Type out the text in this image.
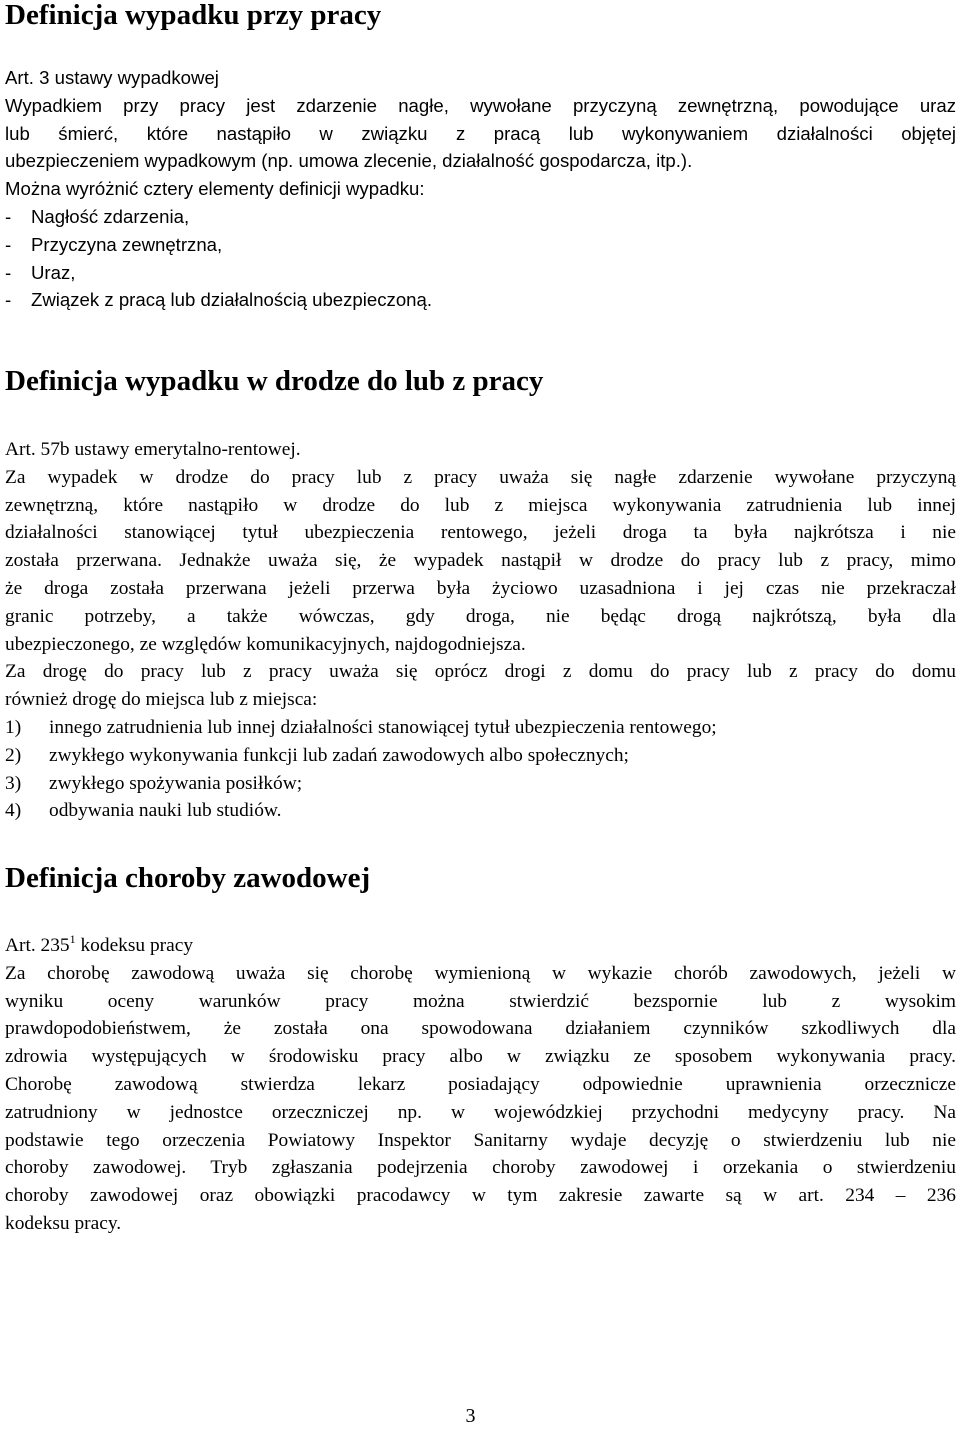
Definicja wypadku przy pracy
Art. 3 ustawy wypadkowej
Wypadkiem przy pracy jest zdarzenie nagłe, wywołane przyczyną zewnętrzną, powodujące uraz
lub śmierć, które nastąpiło w związku z pracą lub wykonywaniem działalności objętej
ubezpieczeniem wypadkowym (np. umowa zlecenie, działalność gospodarcza, itp.).
Można wyróżnić cztery elementy definicji wypadku:
- Nagłość zdarzenia,
- Przyczyna zewnętrzna,
- Uraz,
- Związek z pracą lub działalnością ubezpieczoną.
Definicja wypadku w drodze do lub z pracy
Art. 57b ustawy emerytalno-rentowej.
Za wypadek w drodze do pracy lub z pracy uważa się nagłe zdarzenie wywołane przyczyną
zewnętrzną, które nastąpiło w drodze do lub z miejsca wykonywania zatrudnienia lub innej
działalności stanowiącej tytuł ubezpieczenia rentowego, jeżeli droga ta była najkrótsza i nie
została przerwana. Jednakże uważa się, że wypadek nastąpił w drodze do pracy lub z pracy, mimo
że droga została przerwana jeżeli przerwa była życiowo uzasadniona i jej czas nie przekraczał
granic potrzeby, a także wówczas, gdy droga, nie będąc drogą najkrótszą, była dla
ubezpieczonego, ze względów komunikacyjnych, najdogodniejsza.
Za drogę do pracy lub z pracy uważa się oprócz drogi z domu do pracy lub z pracy do domu
również drogę do miejsca lub z miejsca:
1) innego zatrudnienia lub innej działalności stanowiącej tytuł ubezpieczenia rentowego;
2) zwykłego wykonywania funkcji lub zadań zawodowych albo społecznych;
3) zwykłego spożywania posiłków;
4) odbywania nauki lub studiów.
Definicja choroby zawodowej
Art. $235^1$ kodeksu pracy
Za chorobę zawodową uważa się chorobę wymienioną w wykazie chorób zawodowych, jeżeli w
wyniku oceny warunków pracy można stwierdzić bezspornie lub z wysokim
prawdopodobieństwem, że została ona spowodowana działaniem czynników szkodliwych dla
zdrowia występujących w środowisku pracy albo w związku ze sposobem wykonywania pracy.
Chorobę zawodową stwierdza lekarz posiadający odpowiednie uprawnienia orzecznicze
zatrudniony w jednostce orzeczniczej np. w wojewódzkiej przychodni medycyny pracy. Na
podstawie tego orzeczenia Powiatowy Inspektor Sanitarny wydaje decyzję o stwierdzeniu lub nie
choroby zawodowej. Tryb zgłaszania podejrzenia choroby zawodowej i orzekania o stwierdzeniu
choroby zawodowej oraz obowiązki pracodawcy w tym zakresie zawarte są w art. 234 – 236
kodeksu pracy.
3
